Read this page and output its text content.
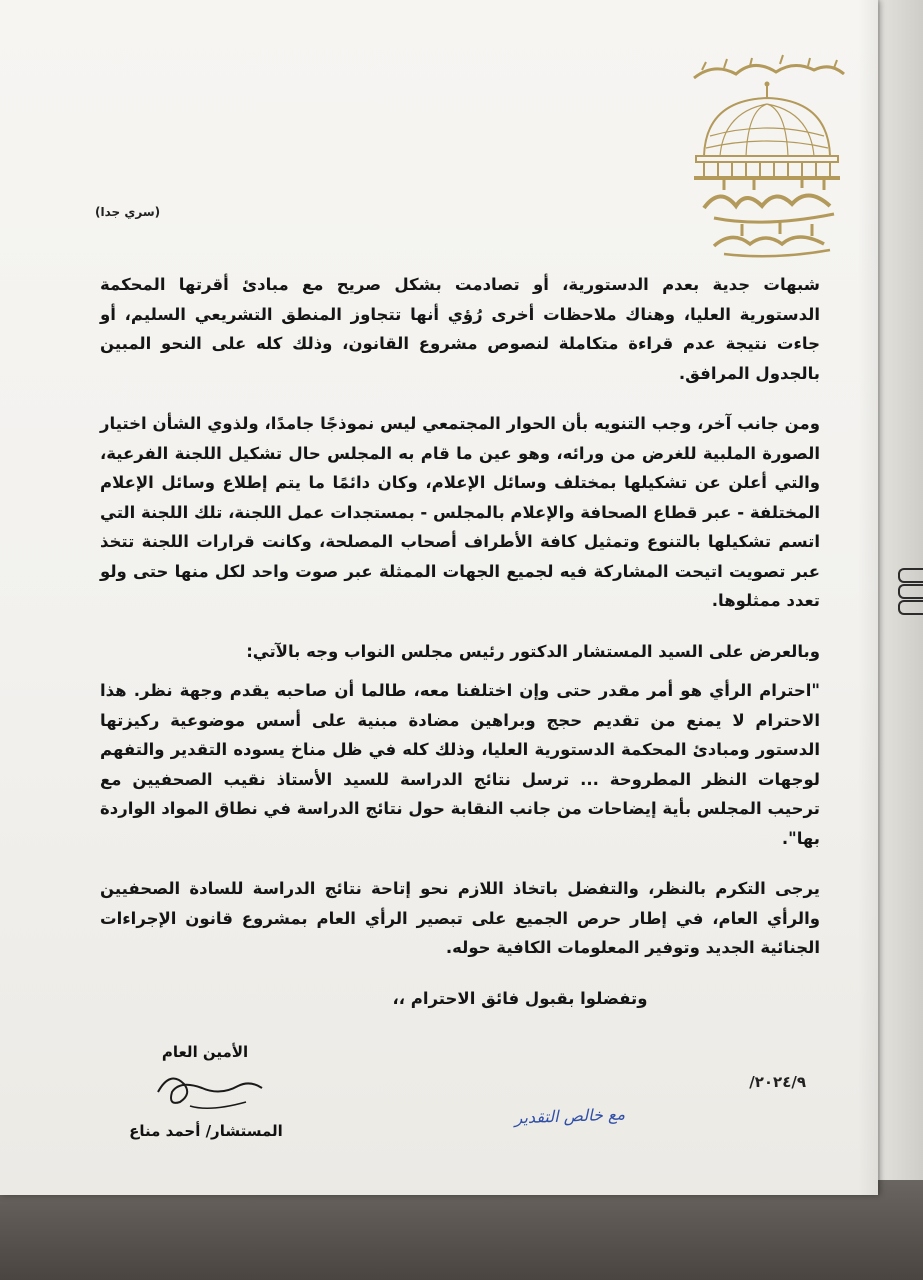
(سري جدا)

شبهات جدية بعدم الدستورية، أو تصادمت بشكل صريح مع مبادئ أقرتها المحكمة الدستورية العليا، وهناك ملاحظات أخرى رُؤي أنها تتجاوز المنطق التشريعي السليم، أو جاءت نتيجة عدم قراءة متكاملة لنصوص مشروع القانون، وذلك كله على النحو المبين بالجدول المرافق.

ومن جانب آخر، وجب التنويه بأن الحوار المجتمعي ليس نموذجًا جامدًا، ولذوي الشأن اختيار الصورة الملبية للغرض من ورائه، وهو عين ما قام به المجلس حال تشكيل اللجنة الفرعية، والتي أعلن عن تشكيلها بمختلف وسائل الإعلام، وكان دائمًا ما يتم إطلاع وسائل الإعلام المختلفة - عبر قطاع الصحافة والإعلام بالمجلس - بمستجدات عمل اللجنة، تلك اللجنة التي اتسم تشكيلها بالتنوع وتمثيل كافة الأطراف أصحاب المصلحة، وكانت قرارات اللجنة تتخذ عبر تصويت اتيحت المشاركة فيه لجميع الجهات الممثلة عبر صوت واحد لكل منها حتى ولو تعدد ممثلوها.

وبالعرض على السيد المستشار الدكتور رئيس مجلس النواب وجه بالآتي:

"احترام الرأي هو أمر مقدر حتى وإن اختلفنا معه، طالما أن صاحبه يقدم وجهة نظر. هذا الاحترام لا يمنع من تقديم حجج وبراهين مضادة مبنية على أسس موضوعية ركيزتها الدستور ومبادئ المحكمة الدستورية العليا، وذلك كله في ظل مناخ يسوده التقدير والتفهم لوجهات النظر المطروحة ... ترسل نتائج الدراسة للسيد الأستاذ نقيب الصحفيين مع ترحيب المجلس بأية إيضاحات من جانب النقابة حول نتائج الدراسة في نطاق المواد الواردة بها".

يرجى التكرم بالنظر، والتفضل باتخاذ اللازم نحو إتاحة نتائج الدراسة للسادة الصحفيين والرأي العام، في إطار حرص الجميع على تبصير الرأي العام بمشروع قانون الإجراءات الجنائية الجديد وتوفير المعلومات الكافية حوله.

وتفضلوا بقبول فائق الاحترام ،،

الأمين العام
المستشار/ أحمد مناع
٢٠٢٤/٩/
مع خالص التقدير
